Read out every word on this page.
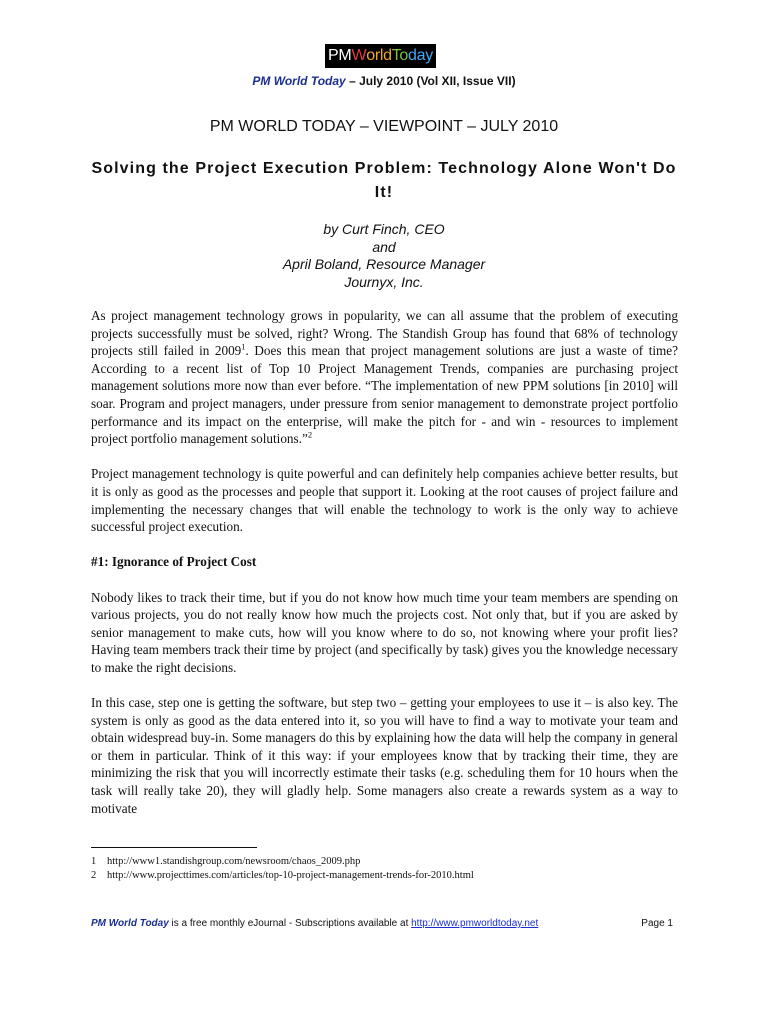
PM W orld To day
PM World Today – July 2010 (Vol XII, Issue VII)
PM WORLD TODAY – VIEWPOINT – JULY 2010
Solving the Project Execution Problem: Technology Alone Won't Do It!
by Curt Finch, CEO
and
April Boland, Resource Manager
Journyx, Inc.

As project management technology grows in popularity, we can all assume that the problem of executing projects successfully must be solved, right? Wrong. The Standish Group has found that 68% of technology projects still failed in 2009$^1$. Does this mean that project management solutions are just a waste of time? According to a recent list of Top 10 Project Management Trends, companies are purchasing project management solutions more now than ever before. “The implementation of new PPM solutions [in 2010] will soar. Program and project managers, under pressure from senior management to demonstrate project portfolio performance and its impact on the enterprise, will make the pitch for - and win - resources to implement project portfolio management solutions.”$^2$

Project management technology is quite powerful and can definitely help companies achieve better results, but it is only as good as the processes and people that support it. Looking at the root causes of project failure and implementing the necessary changes that will enable the technology to work is the only way to achieve successful project execution.

#1: Ignorance of Project Cost

Nobody likes to track their time, but if you do not know how much time your team members are spending on various projects, you do not really know how much the projects cost. Not only that, but if you are asked by senior management to make cuts, how will you know where to do so, not knowing where your profit lies? Having team members track their time by project (and specifically by task) gives you the knowledge necessary to make the right decisions.

In this case, step one is getting the software, but step two – getting your employees to use it – is also key. The system is only as good as the data entered into it, so you will have to find a way to motivate your team and obtain widespread buy-in. Some managers do this by explaining how the data will help the company in general or them in particular. Think of it this way: if your employees know that by tracking their time, they are minimizing the risk that you will incorrectly estimate their tasks (e.g. scheduling them for 10 hours when the task will really take 20), they will gladly help. Some managers also create a rewards system as a way to motivate

1	http://www1.standishgroup.com/newsroom/chaos_2009.php
2	http://www.projecttimes.com/articles/top-10-project-management-trends-for-2010.html
PM World Today is a free monthly eJournal - Subscriptions available at http://www.pmworldtoday.net	Page 1
